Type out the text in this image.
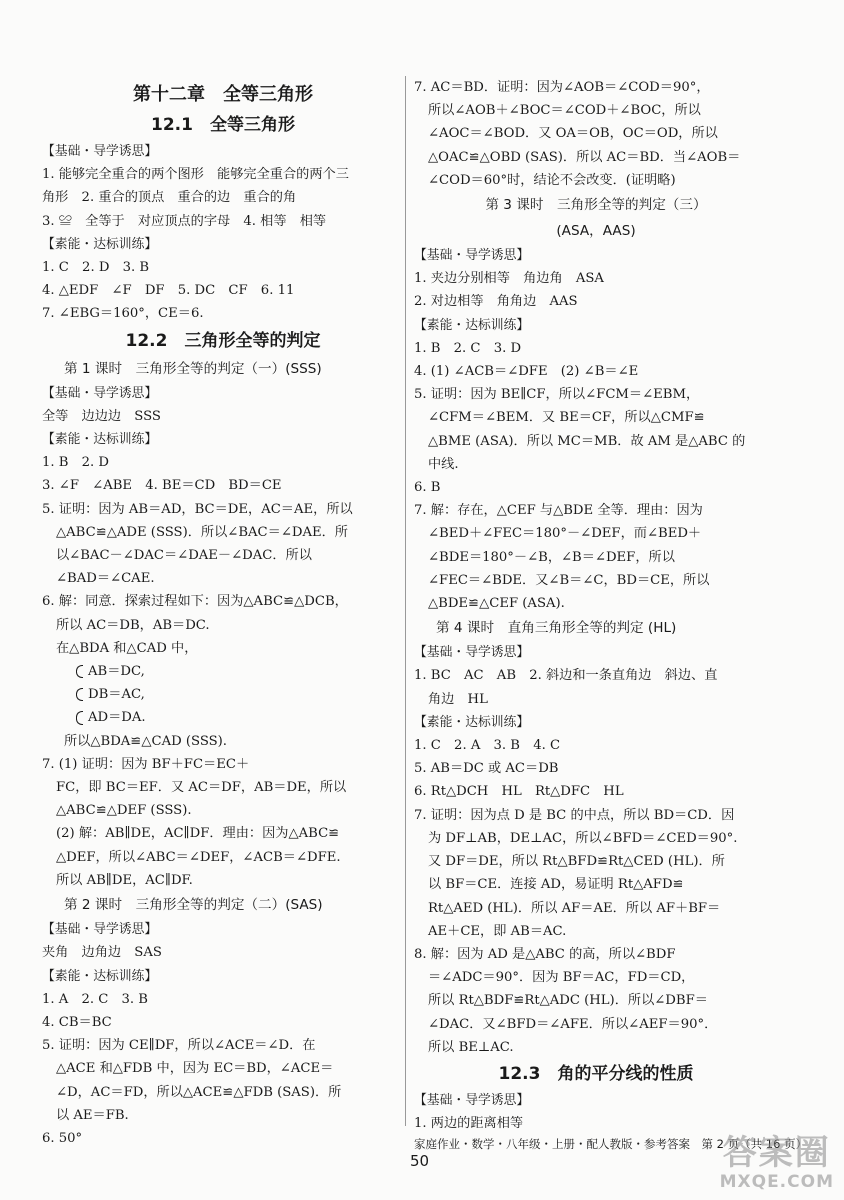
第十二章　全等三角形
12.1　全等三角形
【基础・导学诱思】
1. 能够完全重合的两个图形　能够完全重合的两个三
角形　2. 重合的顶点　重合的边　重合的角
3. ≌　全等于　对应顶点的字母　4. 相等　相等
【素能・达标训练】
1. C　2. D　3. B
4. △EDF　∠F　DF　5. DC　CF　6. 11
7. ∠EBG＝160°，CE＝6.
12.2　三角形全等的判定
第 1 课时　三角形全等的判定（一）(SSS)
【基础・导学诱思】
全等　边边边　SSS
【素能・达标训练】
1. B　2. D
3. ∠F　∠ABE　4. BE＝CD　BD＝CE
5. 证明：因为 AB＝AD，BC＝DE，AC＝AE，所以
△ABC≌△ADE (SSS)．所以∠BAC＝∠DAE．所
以∠BAC－∠DAC＝∠DAE－∠DAC．所以
∠BAD＝∠CAE.
6. 解：同意．探索过程如下：因为△ABC≌△DCB，
所以 AC＝DB，AB＝DC.
在△BDA 和△CAD 中，
AB＝DC,
DB＝AC,
AD＝DA.
所以△BDA≌△CAD (SSS).
7. (1) 证明：因为 BF＋FC＝EC＋
FC，即 BC＝EF．又 AC＝DF，AB＝DE，所以
△ABC≌△DEF (SSS).
(2) 解：AB∥DE，AC∥DF．理由：因为△ABC≌
△DEF，所以∠ABC＝∠DEF，∠ACB＝∠DFE.
所以 AB∥DE，AC∥DF.
第 2 课时　三角形全等的判定（二）(SAS)
【基础・导学诱思】
夹角　边角边　SAS
【素能・达标训练】
1. A　2. C　3. B
4. CB＝BC
5. 证明：因为 CE∥DF，所以∠ACE＝∠D．在
△ACE 和△FDB 中，因为 EC＝BD，∠ACE＝
∠D，AC＝FD，所以△ACE≌△FDB (SAS)．所
以 AE＝FB.
6. 50°
7. AC＝BD．证明：因为∠AOB＝∠COD＝90°，
所以∠AOB＋∠BOC＝∠COD＋∠BOC，所以
∠AOC＝∠BOD．又 OA＝OB，OC＝OD，所以
△OAC≌△OBD (SAS)．所以 AC＝BD．当∠AOB＝
∠COD＝60°时，结论不会改变．(证明略)
第 3 课时　三角形全等的判定（三）
(ASA，AAS)
【基础・导学诱思】
1. 夹边分别相等　角边角　ASA
2. 对边相等　角角边　AAS
【素能・达标训练】
1. B　2. C　3. D
4. (1) ∠ACB＝∠DFE　(2) ∠B＝∠E
5. 证明：因为 BE∥CF，所以∠FCM＝∠EBM，
∠CFM＝∠BEM．又 BE＝CF，所以△CMF≌
△BME (ASA)．所以 MC＝MB．故 AM 是△ABC 的
中线.
6. B
7. 解：存在，△CEF 与△BDE 全等．理由：因为
∠BED＋∠FEC＝180°－∠DEF，而∠BED＋
∠BDE＝180°－∠B，∠B＝∠DEF，所以
∠FEC＝∠BDE．又∠B＝∠C，BD＝CE，所以
△BDE≌△CEF (ASA).
第 4 课时　直角三角形全等的判定 (HL)
【基础・导学诱思】
1. BC　AC　AB　2. 斜边和一条直角边　斜边、直
角边　HL
【素能・达标训练】
1. C　2. A　3. B　4. C
5. AB＝DC 或 AC＝DB
6. Rt△DCH　HL　Rt△DFC　HL
7. 证明：因为点 D 是 BC 的中点，所以 BD＝CD．因
为 DF⊥AB，DE⊥AC，所以∠BFD＝∠CED＝90°.
又 DF＝DE，所以 Rt△BFD≌Rt△CED (HL)．所
以 BF＝CE．连接 AD，易证明 Rt△AFD≌
Rt△AED (HL)．所以 AF＝AE．所以 AF＋BF＝
AE＋CE，即 AB＝AC.
8. 解：因为 AD 是△ABC 的高，所以∠BDF
＝∠ADC＝90°．因为 BF＝AC，FD＝CD，
所以 Rt△BDF≌Rt△ADC (HL)．所以∠DBF＝
∠DAC．又∠BFD＝∠AFE．所以∠AEF＝90°．
所以 BE⊥AC.
12.3　角的平分线的性质
【基础・导学诱思】
1. 两边的距离相等
家庭作业・数学・八年级・上册・配人教版・参考答案　第 2 页（共 16 页）
50	答案圈
MXQE.COM
